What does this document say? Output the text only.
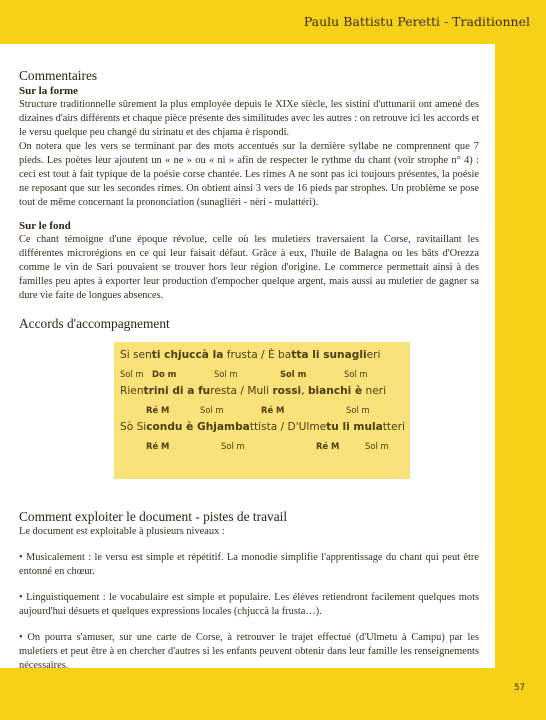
Paulu Battistu Peretti - Traditionnel
Commentaires
Sur la forme

Structure traditionnelle sûrement la plus employée depuis le XIXe siècle, les sistini d'uttunarii ont amené des dizaines d'airs différents et chaque pièce présente des similitudes avec les autres : on retrouve ici les accords et le versu quelque peu changé du sirinatu et des chjama è rispondi.

On notera que les vers se terminant par des mots accentués sur la dernière syllabe ne comprennent que 7 pieds. Les poètes leur ajoutent un « ne » ou « ni » afin de respecter le rythme du chant (voir strophe n° 4) : ceci est tout à fait typique de la poésie corse chantée. Les rimes A ne sont pas ici toujours présentes, la poésie ne reposant que sur les secondes rimes. On obtient ainsi 3 vers de 16 pieds par strophes. Un problème se pose tout de même concernant la prononciation (sunagliéri - nèri - mulattéri).

Sur le fond

Ce chant témoigne d'une époque révolue, celle où les muletiers traversaient la Corse, ravitaillant les différentes microrégions en ce qui leur faisait défaut. Grâce à eux, l'huile de Balagna ou les bâts d'Orezza comme le vin de Sari pouvaient se trouver hors leur région d'origine. Le commerce permettait ainsi à des familles peu aptes à exporter leur production d'empocher quelque argent, mais aussi au muletier de gagner sa dure vie faite de longues absences.

Accords d'accompagnement
Si senti chjuccà la frusta / È batta li sunaglieri
Sol m Do m	Sol m	Sol m	Sol m
Rientrini di a furesta / Muli rossi, bianchi è neri
Ré M	Sol m	Ré M	Sol m
Sò Sicondu è Ghjambattista / D'Ulmetu li mulatteri
Ré M	Sol m	Ré M	Sol m
Comment exploiter le document - pistes de travail

Le document est exploitable à plusieurs niveaux :

• Musicalement : le versu est simple et répétitif. La monodie simplifie l'apprentissage du chant qui peut être entonné en chœur.

• Linguistiquement : le vocabulaire est simple et populaire. Les élèves retiendront facilement quelques mots aujourd'hui désuets et quelques expressions locales (chjuccà la frusta…).

• On pourra s'amuser, sur une carte de Corse, à retrouver le trajet effectué (d'Ulmetu à Campu) par les muletiers et peut être à en chercher d'autres si les enfants peuvent obtenir dans leur famille les renseignements nécessaires.

57
